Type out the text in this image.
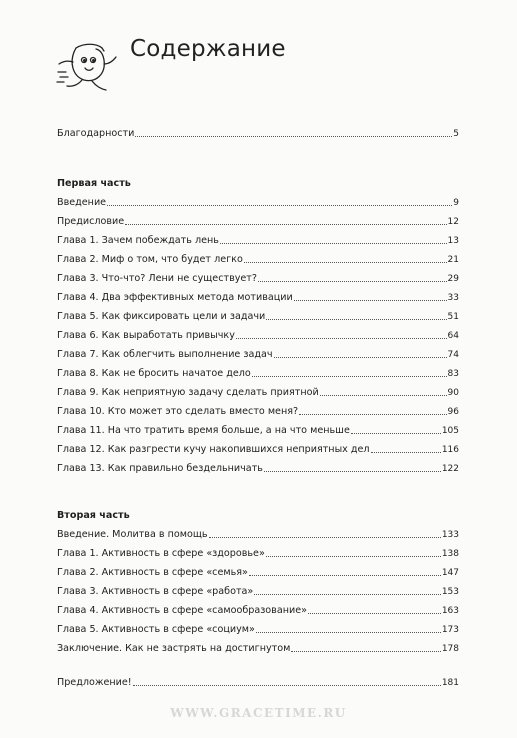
Содержание
Благодарности	5
Первая часть
Введение	9
Предисловие	12
Глава 1. Зачем побеждать лень	13
Глава 2. Миф о том, что будет легко	21
Глава 3. Что-что? Лени не существует?	29
Глава 4. Два эффективных метода мотивации	33
Глава 5. Как фиксировать цели и задачи	51
Глава 6. Как выработать привычку	64
Глава 7. Как облегчить выполнение задач	74
Глава 8. Как не бросить начатое дело	83
Глава 9. Как неприятную задачу сделать приятной	90
Глава 10. Кто может это сделать вместо меня?	96
Глава 11. На что тратить время больше, а на что меньше	105
Глава 12. Как разгрести кучу накопившихся неприятных дел	116
Глава 13. Как правильно бездельничать	122
Вторая часть
Введение. Молитва в помощь	133
Глава 1. Активность в сфере «здоровье»	138
Глава 2. Активность в сфере «семья»	147
Глава 3. Активность в сфере «работа»	153
Глава 4. Активность в сфере «самообразование»	163
Глава 5. Активность в сфере «социум»	173
Заключение. Как не застрять на достигнутом	178
Предложение!	181
WWW.GRACETIME.RU
